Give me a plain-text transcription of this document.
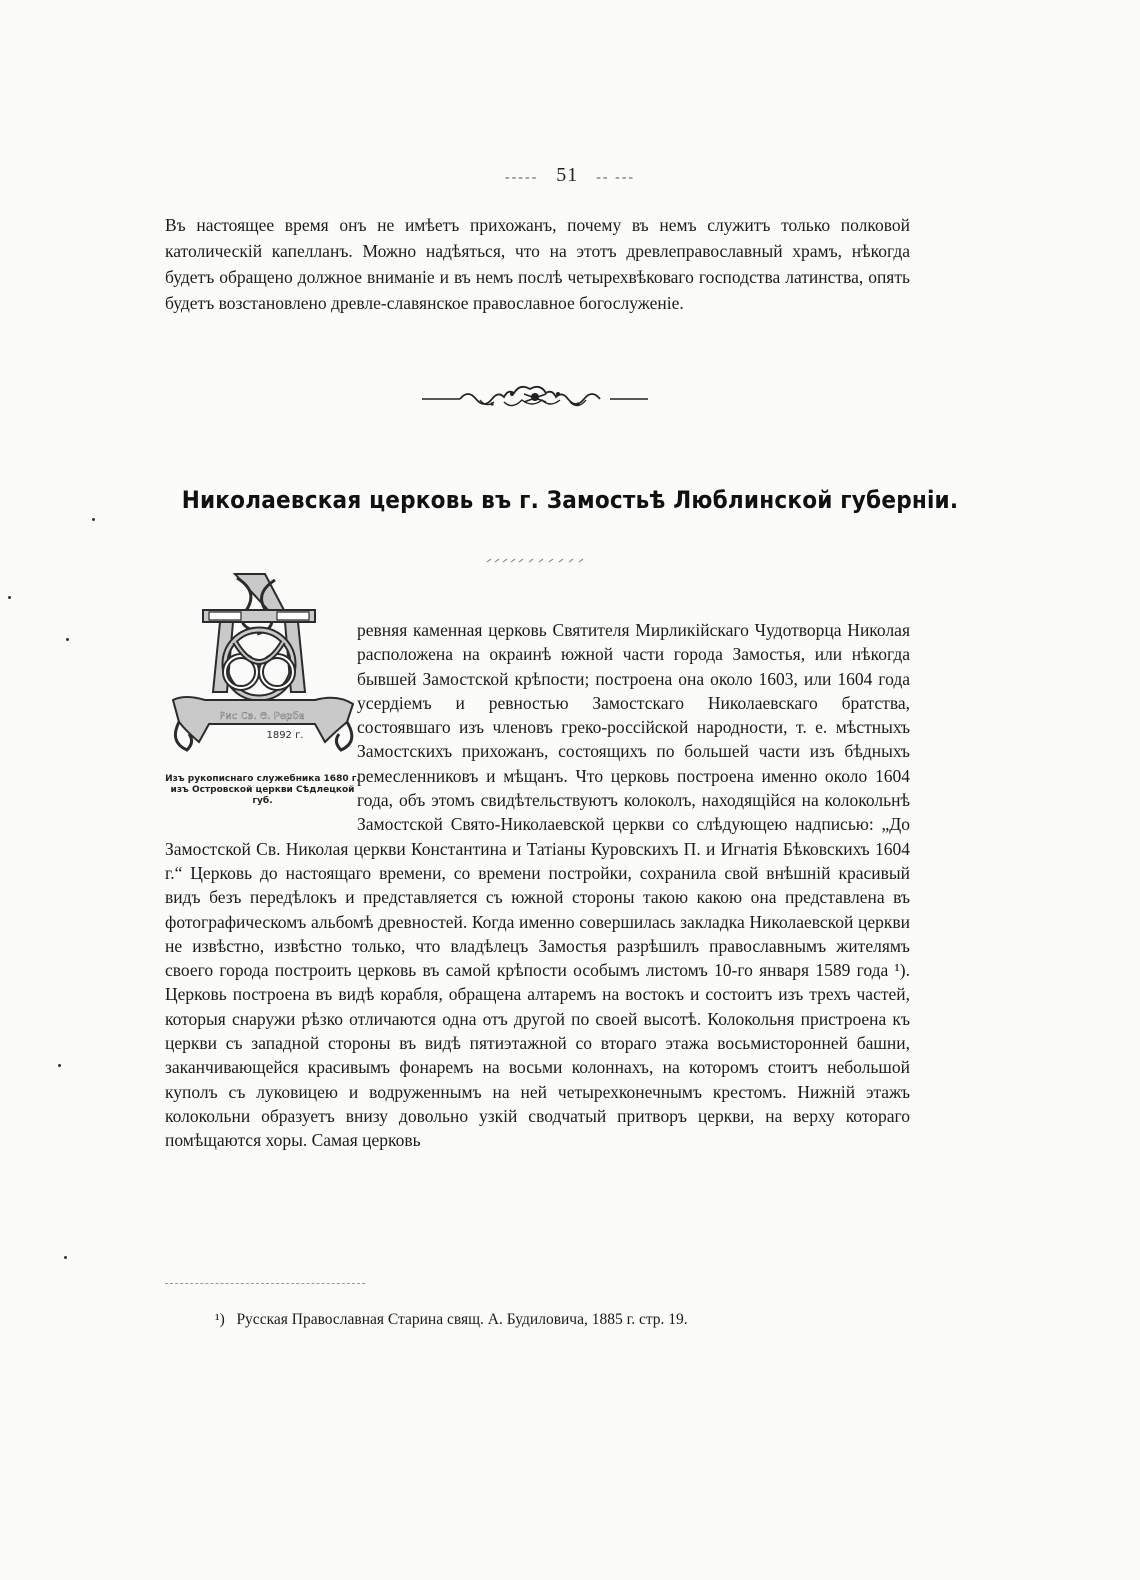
----- 51 -- ---

Въ настоящее время онъ не имѣетъ прихожанъ, почему въ немъ служитъ только полковой католическій капелланъ. Можно надѣяться, что на этотъ древлеправославный храмъ, нѣкогда будетъ обращено должное вниманіе и въ немъ послѣ четырехвѣковаго господства латинства, опять будетъ возстановлено древле-славянское православное богослуженіе.

Николаевская церковь въ г. Замостьѣ Люблинской губерніи.
Рис Св. Ө. Рерба
1892 г.
Изъ рукописнаго служебника 1680 г. изъ Островской церкви Сѣдлецкой губ.

ревняя каменная церковь Святителя Мирликійскаго Чудотворца Николая расположена на окраинѣ южной части города Замостья, или нѣкогда бывшей Замостской крѣпости; построена она около 1603, или 1604 года усердіемъ и ревностью Замостскаго Николаевскаго братства, состоявшаго изъ членовъ греко-россійской народности, т. е. мѣстныхъ Замостскихъ прихожанъ, состоящихъ по большей части изъ бѣдныхъ ремесленниковъ и мѣщанъ. Что церковь построена именно около 1604 года, объ этомъ свидѣтельствуютъ колоколъ, находящійся на колокольнѣ Замостской Свято-Николаевской церкви со слѣдующею надписью: „До Замостской Св. Николая церкви Константина и Татіаны Куровскихъ П. и Игнатія Бѣковскихъ 1604 г.“ Церковь до настоящаго времени, со времени постройки, сохранила свой внѣшній красивый видъ безъ передѣлокъ и представляется съ южной стороны такою какою она представлена въ фотографическомъ альбомѣ древностей. Когда именно совершилась закладка Николаевской церкви не извѣстно, извѣстно только, что владѣлецъ Замостья разрѣшилъ православнымъ жителямъ своего города построить церковь въ самой крѣпости особымъ листомъ 10-го января 1589 года ¹). Церковь построена въ видѣ корабля, обращена алтаремъ на востокъ и состоитъ изъ трехъ частей, которыя снаружи рѣзко отличаются одна отъ другой по своей высотѣ. Колокольня пристроена къ церкви съ западной стороны въ видѣ пятиэтажной со втораго этажа восьмисторонней башни, заканчивающейся красивымъ фонаремъ на восьми колоннахъ, на которомъ стоитъ небольшой куполъ съ луковицею и водруженнымъ на ней четырехконечнымъ крестомъ. Нижній этажъ колокольни образуетъ внизу довольно узкій сводчатый притворъ церкви, на верху котораго помѣщаются хоры. Самая церковь

¹) Русская Православная Старина свящ. А. Будиловича, 1885 г. стр. 19.
